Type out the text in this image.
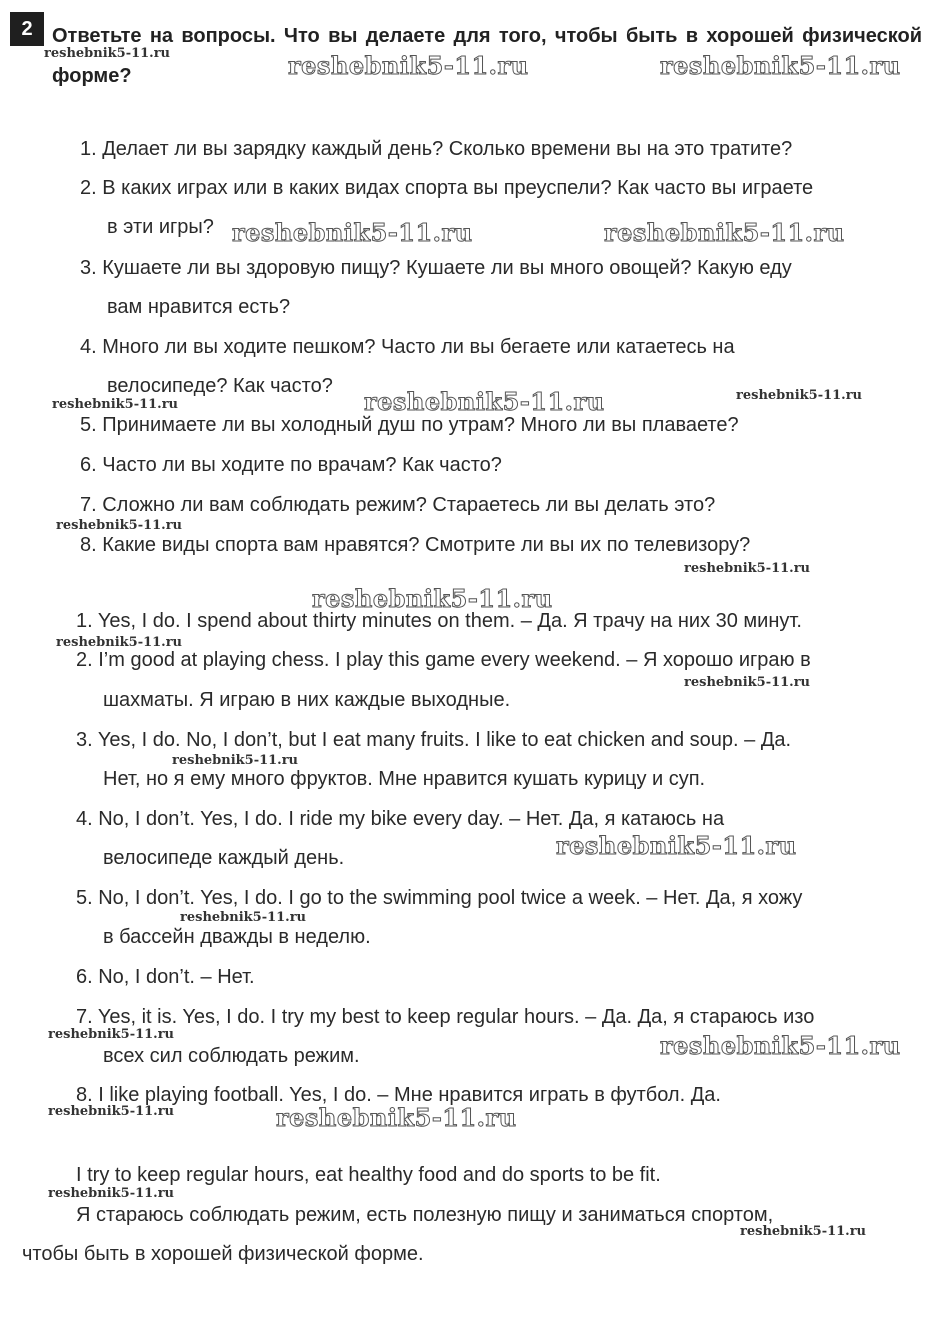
2 Ответьте на вопросы. Что вы делаете для того, чтобы быть в хорошей физической форме?
1. Делает ли вы зарядку каждый день? Сколько времени вы на это тратите?
2. В каких играх или в каких видах спорта вы преуспели? Как часто вы играете
в эти игры?
3. Кушаете ли вы здоровую пищу? Кушаете ли вы много овощей? Какую еду
вам нравится есть?
4. Много ли вы ходите пешком? Часто ли вы бегаете или катаетесь на
велосипеде? Как часто?
5. Принимаете ли вы холодный душ по утрам? Много ли вы плаваете?
6. Часто ли вы ходите по врачам? Как часто?
7. Сложно ли вам соблюдать режим? Стараетесь ли вы делать это?
8. Какие виды спорта вам нравятся? Смотрите ли вы их по телевизору?
1. Yes, I do. I spend about thirty minutes on them. – Да. Я трачу на них 30 минут.
2. I’m good at playing chess. I play this game every weekend. – Я хорошо играю в
шахматы. Я играю в них каждые выходные.
3. Yes, I do. No, I don’t, but I eat many fruits. I like to eat chicken and soup. – Да.
Нет, но я ему много фруктов. Мне нравится кушать курицу и суп.
4. No, I don’t. Yes, I do. I ride my bike every day. – Нет. Да, я катаюсь на
велосипеде каждый день.
5. No, I don’t. Yes, I do. I go to the swimming pool twice a week. – Нет. Да, я хожу
в бассейн дважды в неделю.
6. No, I don’t. – Нет.
7. Yes, it is. Yes, I do. I try my best to keep regular hours. – Да. Да, я стараюсь изо
всех сил соблюдать режим.
8. I like playing football. Yes, I do. – Мне нравится играть в футбол. Да.
I try to keep regular hours, eat healthy food and do sports to be fit.
Я стараюсь соблюдать режим, есть полезную пищу и заниматься спортом,
чтобы быть в хорошей физической форме.
reshebnik5-11.ru	reshebnik5-11.ru	reshebnik5-11.ru
reshebnik5-11.ru	reshebnik5-11.ru
reshebnik5-11.ru	reshebnik5-11.ru	reshebnik5-11.ru
reshebnik5-11.ru
reshebnik5-11.ru
reshebnik5-11.ru
reshebnik5-11.ru
reshebnik5-11.ru
reshebnik5-11.ru
reshebnik5-11.ru
reshebnik5-11.ru
reshebnik5-11.ru	reshebnik5-11.ru
reshebnik5-11.ru	reshebnik5-11.ru
reshebnik5-11.ru
reshebnik5-11.ru
